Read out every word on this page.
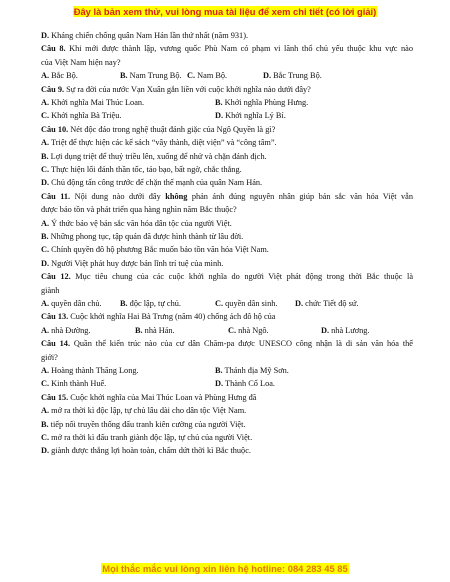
Đây là bản xem thử, vui lòng mua tài liệu để xem chi tiết (có lời giải)
D. Kháng chiến chống quân Nam Hán lần thứ nhất (năm 931).
Câu 8. Khi mới được thành lập, vương quốc Phù Nam có phạm vi lãnh thổ chủ yếu thuộc khu vực nào
của Việt Nam hiện nay?
A. Bắc Bộ.	B. Nam Trung Bộ. C. Nam Bộ.	D. Bắc Trung Bộ.
Câu 9. Sự ra đời của nước Vạn Xuân gắn liền với cuộc khởi nghĩa nào dưới đây?
A. Khởi nghĩa Mai Thúc Loan.	B. Khởi nghĩa Phùng Hưng.
C. Khởi nghĩa Bà Triệu.	D. Khởi nghĩa Lý Bí.
Câu 10. Nét độc đáo trong nghệ thuật đánh giặc của Ngô Quyền là gì?
A. Triệt để thực hiện các kế sách “vây thành, diệt viện” và “công tâm”.
B. Lợi dụng triệt để thuỷ triều lên, xuống để nhử và chặn đánh địch.
C. Thực hiện lối đánh thần tốc, táo bạo, bất ngờ, chắc thắng.
D. Chủ động tấn công trước để chặn thế mạnh của quân Nam Hán.
Câu 11. Nội dung nào dưới đây không phản ánh đúng nguyên nhân giúp bản sắc văn hóa Việt vẫn
được bảo tồn và phát triển qua hàng nghìn năm Bắc thuộc?
A. Ý thức bảo vệ bản sắc văn hóa dân tộc của người Việt.
B. Những phong tục, tập quán đã được hình thành từ lâu đời.
C. Chính quyền đô hộ phương Bắc muốn bảo tồn văn hóa Việt Nam.
D. Người Việt phát huy được bản lĩnh trí tuệ của mình.
Câu 12. Mục tiêu chung của các cuộc khởi nghĩa do người Việt phát động trong thời Bắc thuộc là
giành
A. quyền dân chủ. B. độc lập, tự chủ.	C. quyền dân sinh. D. chức Tiết độ sứ.
Câu 13. Cuộc khởi nghĩa Hai Bà Trưng (năm 40) chống ách đô hộ của
A. nhà Đường.	B. nhà Hán.	C. nhà Ngô.	D. nhà Lương.
Câu 14. Quần thể kiến trúc nào của cư dân Chăm-pa được UNESCO công nhận là di sản văn hóa thế
giới?
A. Hoàng thành Thăng Long.	B. Thánh địa Mỹ Sơn.
C. Kinh thành Huế.	D. Thành Cổ Loa.
Câu 15. Cuộc khởi nghĩa của Mai Thúc Loan và Phùng Hưng đã
A. mở ra thời kì độc lập, tự chủ lâu dài cho dân tộc Việt Nam.
B. tiếp nối truyền thống đấu tranh kiên cường của người Việt.
C. mở ra thời kì đấu tranh giành độc lập, tự chủ của người Việt.
D. giành được thắng lợi hoàn toàn, chấm dứt thời kì Bắc thuộc.
Mọi thắc mắc vui lòng xin liên hệ hotline: 084 283 45 85
